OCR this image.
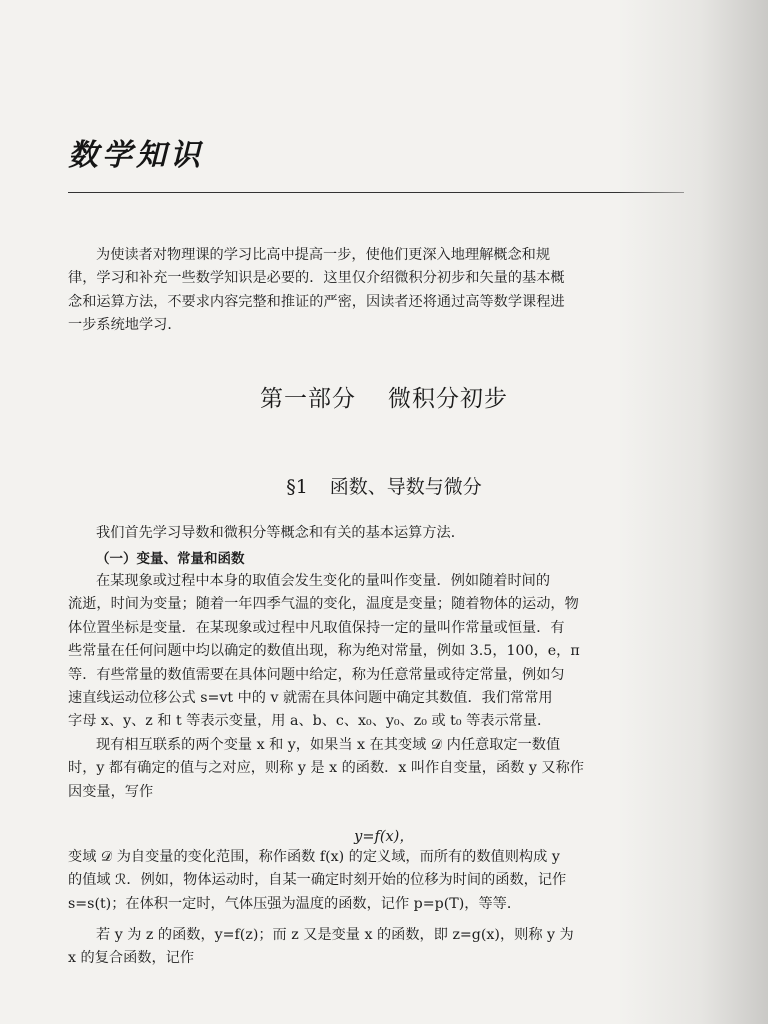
数学知识
为使读者对物理课的学习比高中提高一步，使他们更深入地理解概念和规
律，学习和补充一些数学知识是必要的．这里仅介绍微积分初步和矢量的基本概
念和运算方法，不要求内容完整和推证的严密，因读者还将通过高等数学课程进
一步系统地学习．
第一部分 微积分初步
§1 函数、导数与微分
我们首先学习导数和微积分等概念和有关的基本运算方法．
（一）变量、常量和函数
在某现象或过程中本身的取值会发生变化的量叫作变量．例如随着时间的
流逝，时间为变量；随着一年四季气温的变化，温度是变量；随着物体的运动，物
体位置坐标是变量．在某现象或过程中凡取值保持一定的量叫作常量或恒量．有
些常量在任何问题中均以确定的数值出现，称为绝对常量，例如 3.5，100，e，π
等．有些常量的数值需要在具体问题中给定，称为任意常量或待定常量，例如匀
速直线运动位移公式 s=vt 中的 v 就需在具体问题中确定其数值．我们常常用
字母 x、y、z 和 t 等表示变量，用 a、b、c、x₀、y₀、z₀ 或 t₀ 等表示常量．
现有相互联系的两个变量 x 和 y，如果当 x 在其变域 𝒟 内任意取定一数值
时，y 都有确定的值与之对应，则称 y 是 x 的函数．x 叫作自变量，函数 y 又称作
因变量，写作
y=f(x)，
变域 𝒟 为自变量的变化范围，称作函数 f(x) 的定义域，而所有的数值则构成 y
的值域 ℛ．例如，物体运动时，自某一确定时刻开始的位移为时间的函数，记作
s=s(t)；在体积一定时，气体压强为温度的函数，记作 p=p(T)，等等．
若 y 为 z 的函数，y=f(z)；而 z 又是变量 x 的函数，即 z=g(x)，则称 y 为
x 的复合函数，记作
